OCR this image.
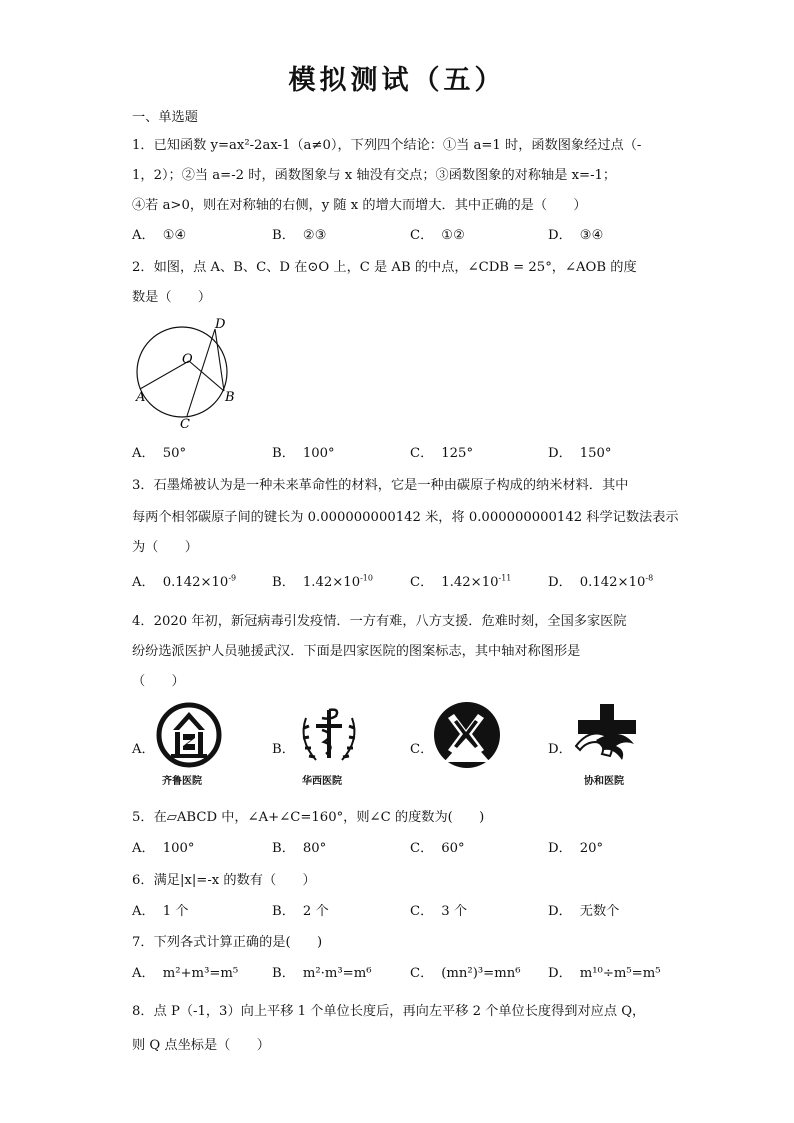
模拟测试（五）
一、单选题
1．已知函数 y=ax²-2ax-1（a≠0），下列四个结论：①当 a=1 时，函数图象经过点（-
1，2）；②当 a=-2 时，函数图象与 x 轴没有交点；③函数图象的对称轴是 x=-1；
④若 a>0，则在对称轴的右侧，y 随 x 的增大而增大．其中正确的是（　　）
A． ①④	B． ②③	C． ①②	D． ③④
2．如图，点 A、B、C、D 在⊙O 上，C 是 AB 的中点，∠CDB = 25°，∠AOB 的度
数是（　　）
D
O
A	B
C
A． 50°	B． 100°	C． 125°	D． 150°
3．石墨烯被认为是一种未来革命性的材料，它是一种由碳原子构成的纳米材料．其中
每两个相邻碳原子间的键长为 0.000000000142 米，将 0.000000000142 科学记数法表示
为（　　）
A． $0.142\times 10^{-9}$	B． $1.42\times 10^{-10}$	C． $1.42\times 10^{-11}$	D． $0.142\times 10^{-8}$
4．2020 年初，新冠病毒引发疫情．一方有难，八方支援．危难时刻，全国多家医院
纷纷选派医护人员驰援武汉．下面是四家医院的图案标志，其中轴对称图形是
（　　）
A．
齐鲁医院
B．
华西医院
C．	D．
协和医院
5．在▱ABCD 中，∠A+∠C=160°，则∠C 的度数为(　　)
A． 100°	B． 80°	C． 60°	D． 20°
6．满足|x|=-x 的数有（　　）
A． 1 个	B． 2 个	C． 3 个	D． 无数个
7．下列各式计算正确的是(　　)
A． m²+m³=m⁵	B． m²·m³=m⁶	C． (mn²)³=mn⁶ D． m¹⁰÷m⁵=m⁵
8．点 P（-1，3）向上平移 1 个单位长度后，再向左平移 2 个单位长度得到对应点 Q，
则 Q 点坐标是（　　）
